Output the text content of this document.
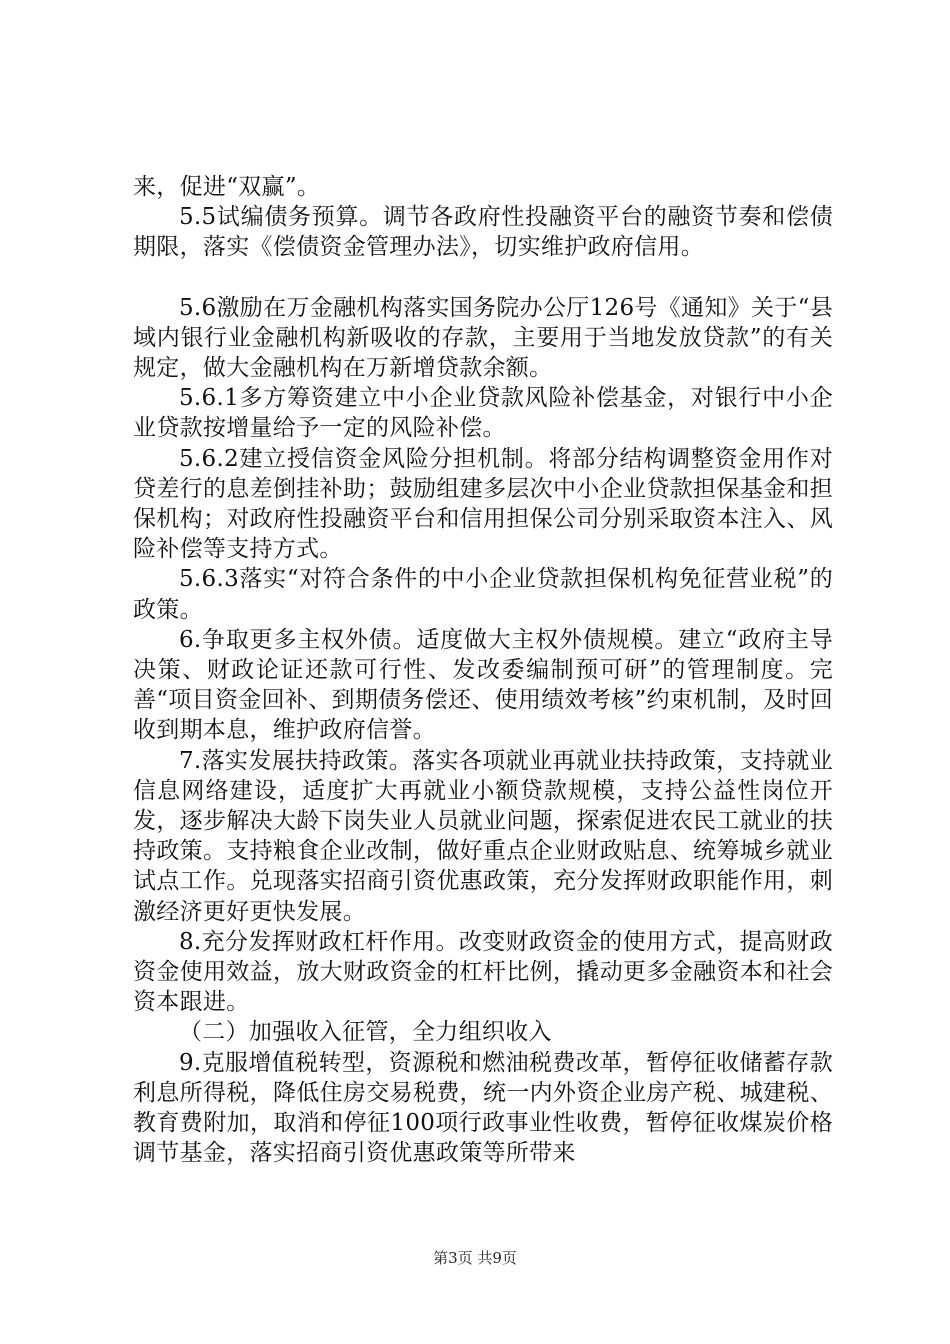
来，促进“双赢”。

5.5试编债务预算。调节各政府性投融资平台的融资节奏和偿债期限，落实《偿债资金管理办法》，切实维护政府信用。

5.6激励在万金融机构落实国务院办公厅126号《通知》关于“县域内银行业金融机构新吸收的存款，主要用于当地发放贷款”的有关规定，做大金融机构在万新增贷款余额。

5.6.1多方筹资建立中小企业贷款风险补偿基金，对银行中小企业贷款按增量给予一定的风险补偿。

5.6.2建立授信资金风险分担机制。将部分结构调整资金用作对贷差行的息差倒挂补助；鼓励组建多层次中小企业贷款担保基金和担保机构；对政府性投融资平台和信用担保公司分别采取资本注入、风险补偿等支持方式。

5.6.3落实“对符合条件的中小企业贷款担保机构免征营业税”的政策。

6.争取更多主权外债。适度做大主权外债规模。建立“政府主导决策、财政论证还款可行性、发改委编制预可研”的管理制度。完善“项目资金回补、到期债务偿还、使用绩效考核”约束机制，及时回收到期本息，维护政府信誉。

7.落实发展扶持政策。落实各项就业再就业扶持政策，支持就业信息网络建设，适度扩大再就业小额贷款规模，支持公益性岗位开发，逐步解决大龄下岗失业人员就业问题，探索促进农民工就业的扶持政策。支持粮食企业改制，做好重点企业财政贴息、统筹城乡就业试点工作。兑现落实招商引资优惠政策，充分发挥财政职能作用，刺激经济更好更快发展。

8.充分发挥财政杠杆作用。改变财政资金的使用方式，提高财政资金使用效益，放大财政资金的杠杆比例，撬动更多金融资本和社会资本跟进。

（二）加强收入征管，全力组织收入

9.克服增值税转型，资源税和燃油税费改革，暂停征收储蓄存款利息所得税，降低住房交易税费，统一内外资企业房产税、城建税、教育费附加，取消和停征100项行政事业性收费，暂停征收煤炭价格调节基金，落实招商引资优惠政策等所带来

第3页 共9页
